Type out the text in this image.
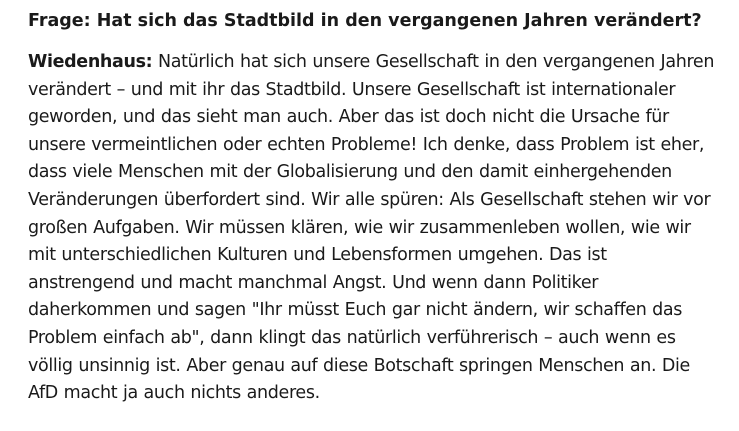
Frage: Hat sich das Stadtbild in den vergangenen Jahren verändert?

Wiedenhaus: Natürlich hat sich unsere Gesellschaft in den vergangenen Jahren
verändert – und mit ihr das Stadtbild. Unsere Gesellschaft ist internationaler
geworden, und das sieht man auch. Aber das ist doch nicht die Ursache für
unsere vermeintlichen oder echten Probleme! Ich denke, dass Problem ist eher,
dass viele Menschen mit der Globalisierung und den damit einhergehenden
Veränderungen überfordert sind. Wir alle spüren: Als Gesellschaft stehen wir vor
großen Aufgaben. Wir müssen klären, wie wir zusammenleben wollen, wie wir
mit unterschiedlichen Kulturen und Lebensformen umgehen. Das ist
anstrengend und macht manchmal Angst. Und wenn dann Politiker
daherkommen und sagen "Ihr müsst Euch gar nicht ändern, wir schaffen das
Problem einfach ab", dann klingt das natürlich verführerisch – auch wenn es
völlig unsinnig ist. Aber genau auf diese Botschaft springen Menschen an. Die
AfD macht ja auch nichts anderes.
